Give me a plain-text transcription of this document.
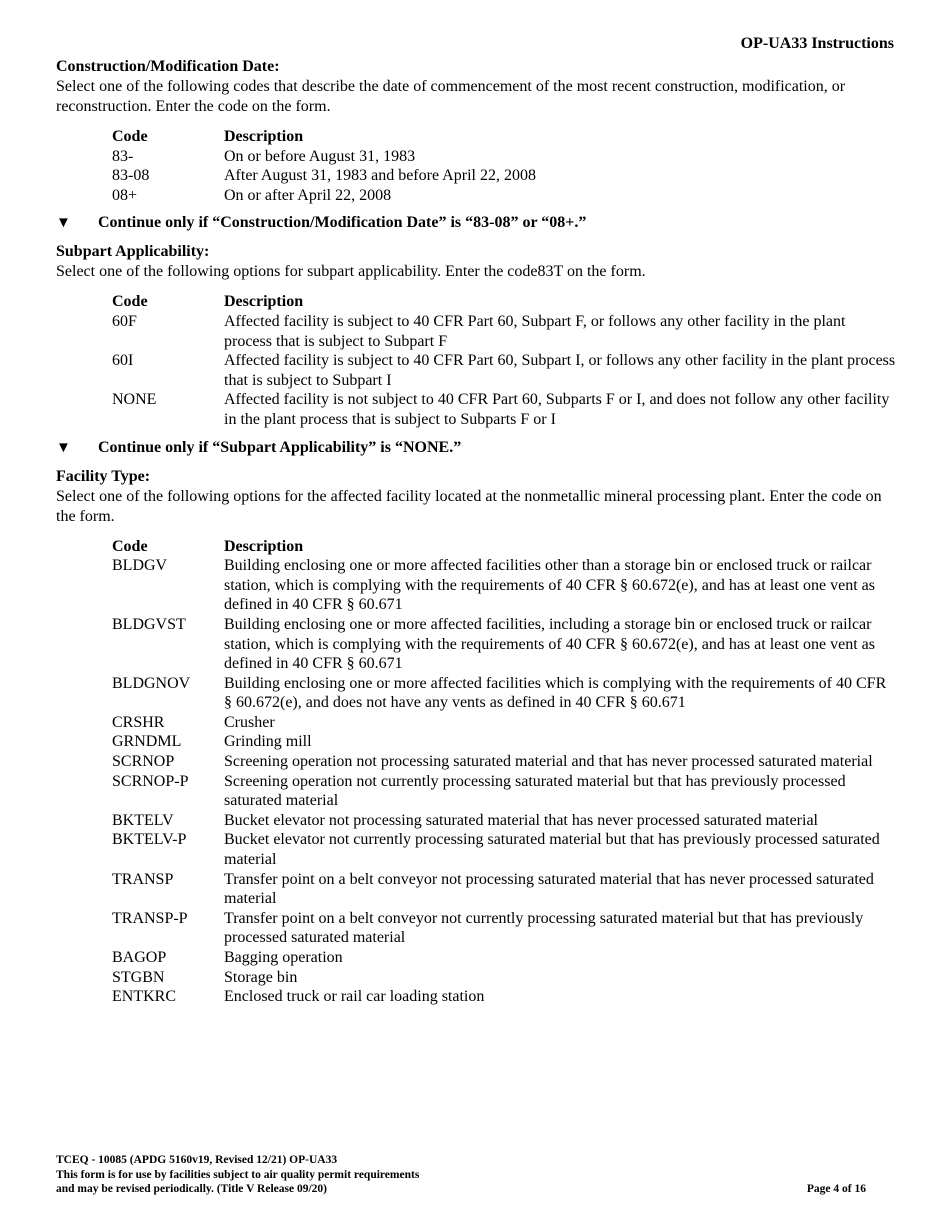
OP-UA33 Instructions

Construction/Modification Date:

Select one of the following codes that describe the date of commencement of the most recent construction, modification, or reconstruction. Enter the code on the form.

Code	Description
83-	On or before August 31, 1983
83-08	After August 31, 1983 and before April 22, 2008
08+	On or after April 22, 2008
▼	Continue only if “Construction/Modification Date” is “83-08” or “08+.”

Subpart Applicability:

Select one of the following options for subpart applicability. Enter the code83T on the form.

Code	Description
60F	Affected facility is subject to 40 CFR Part 60, Subpart F, or follows any other facility in the plant process that is subject to Subpart F
60I	Affected facility is subject to 40 CFR Part 60, Subpart I, or follows any other facility in the plant process that is subject to Subpart I
NONE	Affected facility is not subject to 40 CFR Part 60, Subparts F or I, and does not follow any other facility in the plant process that is subject to Subparts F or I
▼	Continue only if “Subpart Applicability” is “NONE.”

Facility Type:

Select one of the following options for the affected facility located at the nonmetallic mineral processing plant. Enter the code on the form.

Code	Description
BLDGV	Building enclosing one or more affected facilities other than a storage bin or enclosed truck or railcar station, which is complying with the requirements of 40 CFR § 60.672(e), and has at least one vent as defined in 40 CFR § 60.671
BLDGVST	Building enclosing one or more affected facilities, including a storage bin or enclosed truck or railcar station, which is complying with the requirements of 40 CFR § 60.672(e), and has at least one vent as defined in 40 CFR § 60.671
BLDGNOV	Building enclosing one or more affected facilities which is complying with the requirements of 40 CFR § 60.672(e), and does not have any vents as defined in 40 CFR § 60.671
CRSHR	Crusher
GRNDML	Grinding mill
SCRNOP	Screening operation not processing saturated material and that has never processed saturated material
SCRNOP-P	Screening operation not currently processing saturated material but that has previously processed saturated material
BKTELV	Bucket elevator not processing saturated material that has never processed saturated material
BKTELV-P	Bucket elevator not currently processing saturated material but that has previously processed saturated material
TRANSP	Transfer point on a belt conveyor not processing saturated material that has never processed saturated material
TRANSP-P	Transfer point on a belt conveyor not currently processing saturated material but that has previously processed saturated material
BAGOP	Bagging operation
STGBN	Storage bin
ENTKRC	Enclosed truck or rail car loading station
TCEQ - 10085 (APDG 5160v19, Revised 12/21) OP-UA33
This form is for use by facilities subject to air quality permit requirements
and may be revised periodically. (Title V Release 09/20)	Page 4 of 16
